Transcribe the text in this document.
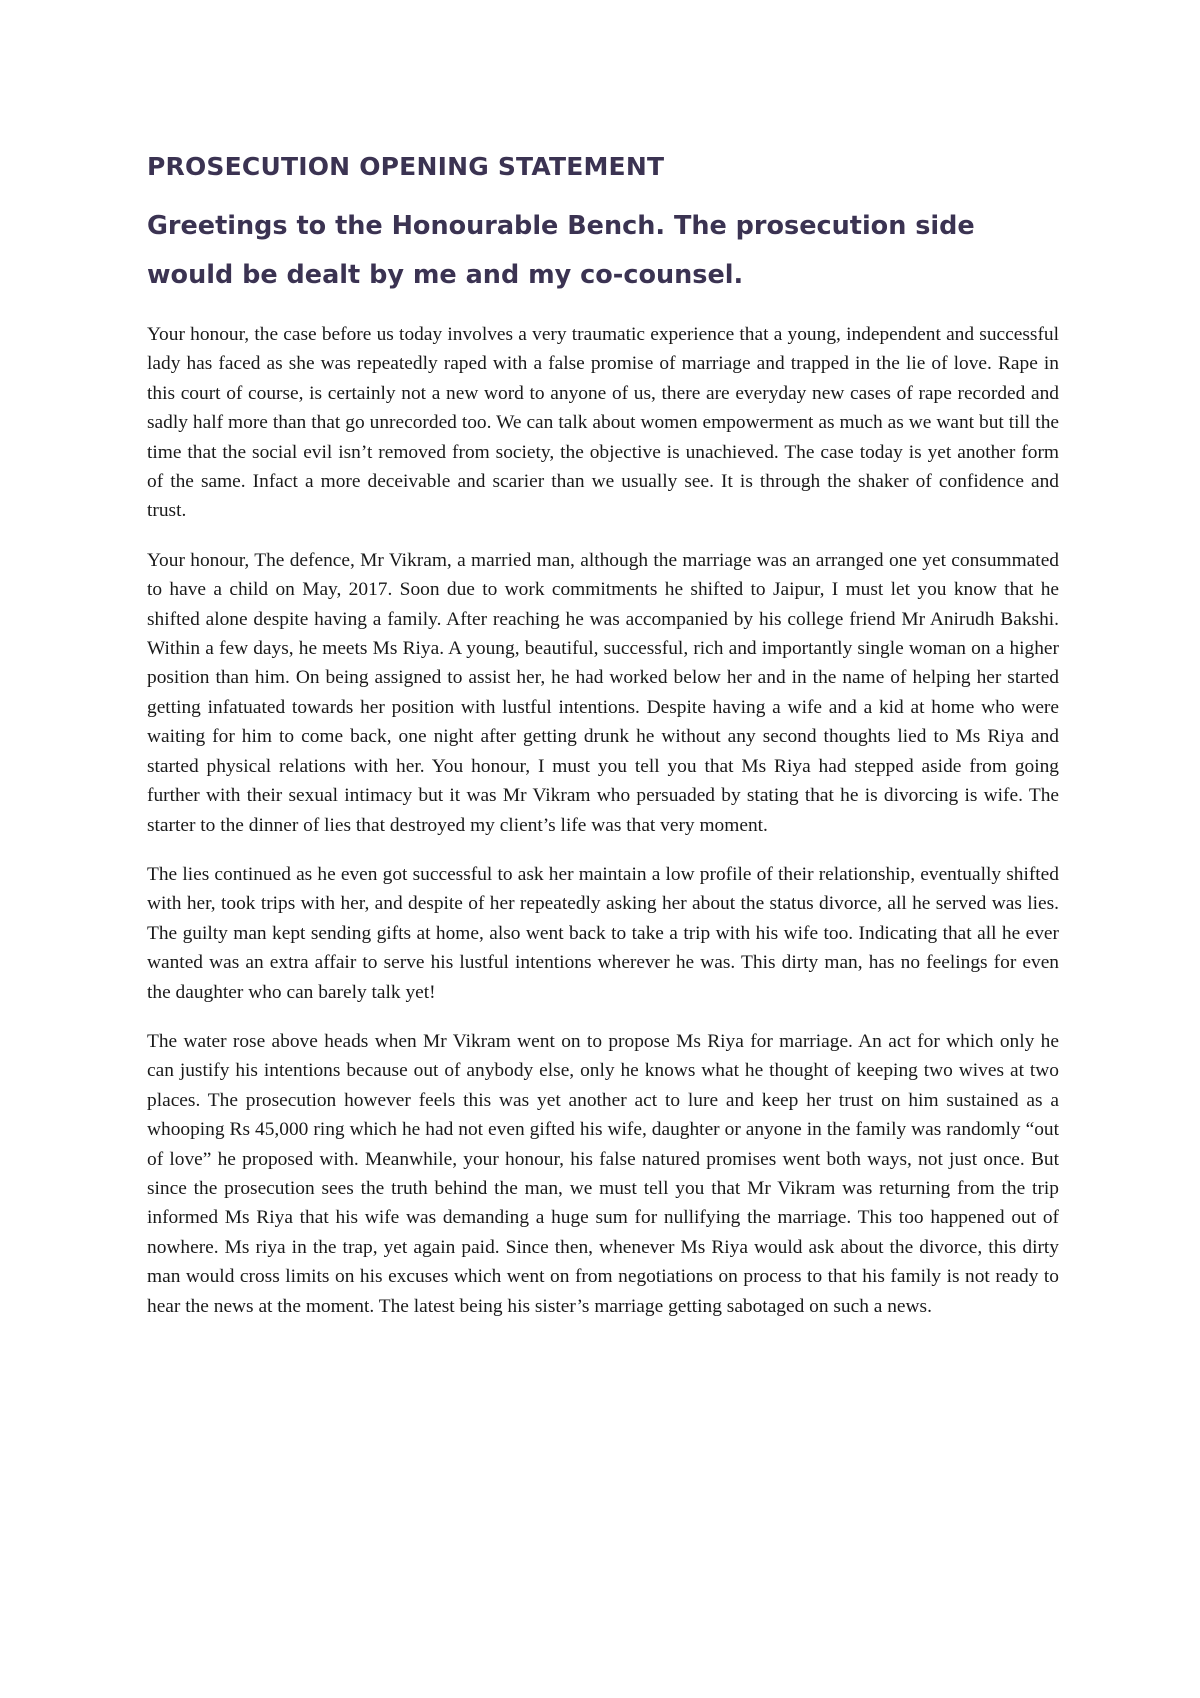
PROSECUTION OPENING STATEMENT
Greetings to the Honourable Bench. The prosecution side would be dealt by me and my co-counsel.

Your honour, the case before us today involves a very traumatic experience that a young, independent and successful lady has faced as she was repeatedly raped with a false promise of marriage and trapped in the lie of love. Rape in this court of course, is certainly not a new word to anyone of us, there are everyday new cases of rape recorded and sadly half more than that go unrecorded too. We can talk about women empowerment as much as we want but till the time that the social evil isn’t removed from society, the objective is unachieved. The case today is yet another form of the same. Infact a more deceivable and scarier than we usually see. It is through the shaker of confidence and trust.

Your honour, The defence, Mr Vikram, a married man, although the marriage was an arranged one yet consummated to have a child on May, 2017. Soon due to work commitments he shifted to Jaipur, I must let you know that he shifted alone despite having a family. After reaching he was accompanied by his college friend Mr Anirudh Bakshi. Within a few days, he meets Ms Riya. A young, beautiful, successful, rich and importantly single woman on a higher position than him. On being assigned to assist her, he had worked below her and in the name of helping her started getting infatuated towards her position with lustful intentions. Despite having a wife and a kid at home who were waiting for him to come back, one night after getting drunk he without any second thoughts lied to Ms Riya and started physical relations with her. You honour, I must you tell you that Ms Riya had stepped aside from going further with their sexual intimacy but it was Mr Vikram who persuaded by stating that he is divorcing is wife. The starter to the dinner of lies that destroyed my client’s life was that very moment.

The lies continued as he even got successful to ask her maintain a low profile of their relationship, eventually shifted with her, took trips with her, and despite of her repeatedly asking her about the status divorce, all he served was lies. The guilty man kept sending gifts at home, also went back to take a trip with his wife too. Indicating that all he ever wanted was an extra affair to serve his lustful intentions wherever he was. This dirty man, has no feelings for even the daughter who can barely talk yet!

The water rose above heads when Mr Vikram went on to propose Ms Riya for marriage. An act for which only he can justify his intentions because out of anybody else, only he knows what he thought of keeping two wives at two places. The prosecution however feels this was yet another act to lure and keep her trust on him sustained as a whooping Rs 45,000 ring which he had not even gifted his wife, daughter or anyone in the family was randomly “out of love” he proposed with. Meanwhile, your honour, his false natured promises went both ways, not just once. But since the prosecution sees the truth behind the man, we must tell you that Mr Vikram was returning from the trip informed Ms Riya that his wife was demanding a huge sum for nullifying the marriage. This too happened out of nowhere. Ms riya in the trap, yet again paid. Since then, whenever Ms Riya would ask about the divorce, this dirty man would cross limits on his excuses which went on from negotiations on process to that his family is not ready to hear the news at the moment. The latest being his sister’s marriage getting sabotaged on such a news.
